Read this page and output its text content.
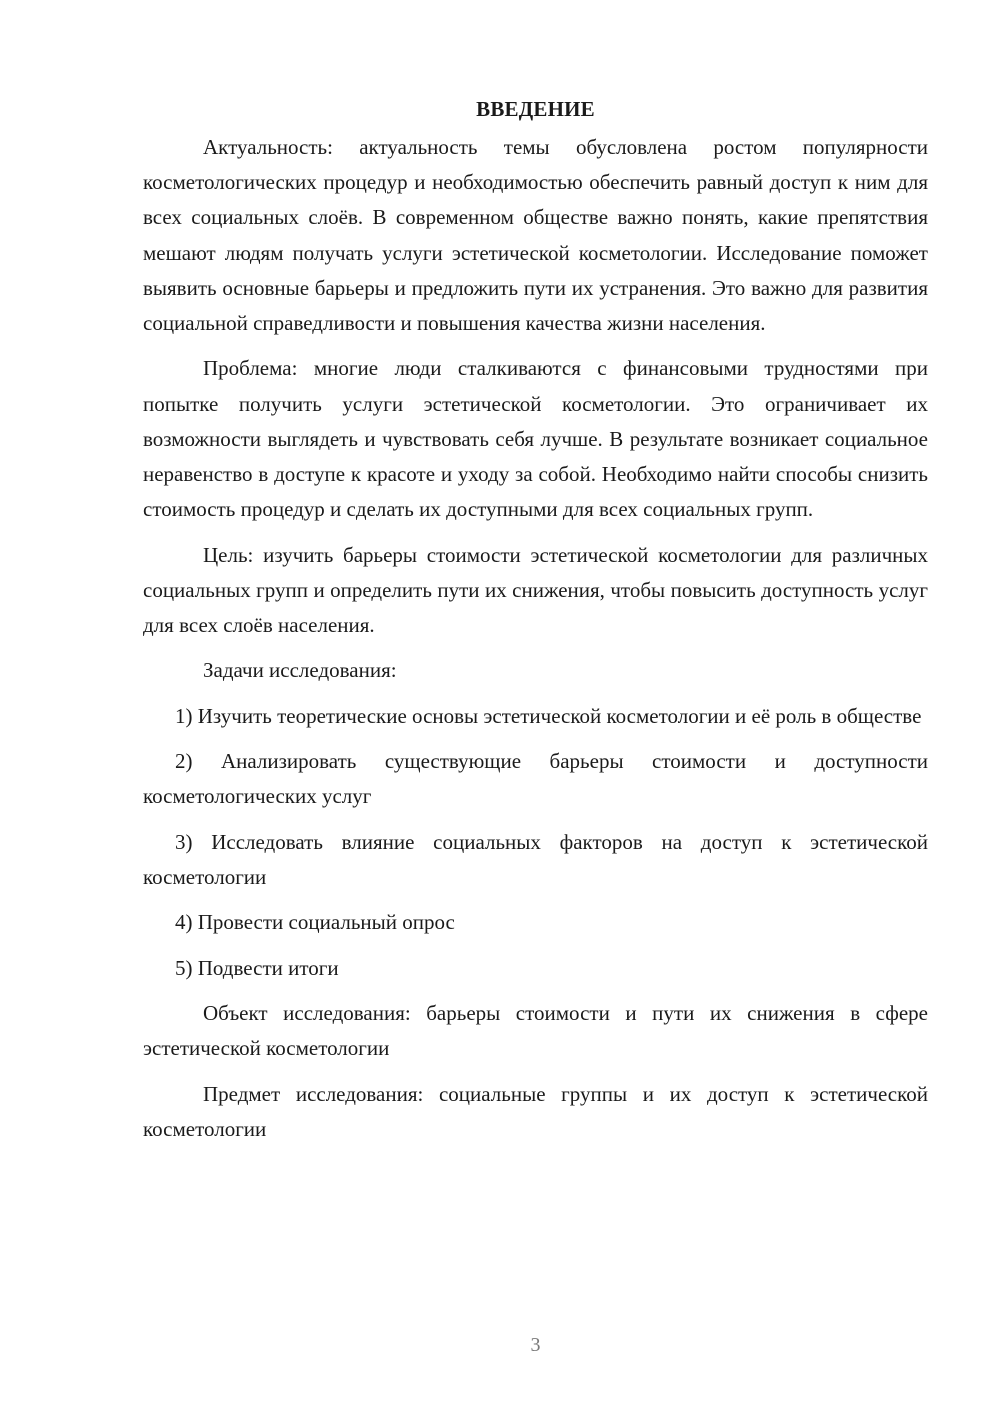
ВВЕДЕНИЕ

Актуальность: актуальность темы обусловлена ростом популярности косметологических процедур и необходимостью обеспечить равный доступ к ним для всех социальных слоёв. В современном обществе важно понять, какие препятствия мешают людям получать услуги эстетической косметологии. Исследование поможет выявить основные барьеры и предложить пути их устранения. Это важно для развития социальной справедливости и повышения качества жизни населения.

Проблема: многие люди сталкиваются с финансовыми трудностями при попытке получить услуги эстетической косметологии. Это ограничивает их возможности выглядеть и чувствовать себя лучше. В результате возникает социальное неравенство в доступе к красоте и уходу за собой. Необходимо найти способы снизить стоимость процедур и сделать их доступными для всех социальных групп.

Цель: изучить барьеры стоимости эстетической косметологии для различных социальных групп и определить пути их снижения, чтобы повысить доступность услуг для всех слоёв населения.

Задачи исследования:

1) Изучить теоретические основы эстетической косметологии и её роль в обществе

2) Анализировать существующие барьеры стоимости и доступности косметологических услуг

3) Исследовать влияние социальных факторов на доступ к эстетической косметологии

4) Провести социальный опрос

5) Подвести итоги

Объект исследования: барьеры стоимости и пути их снижения в сфере эстетической косметологии

Предмет исследования: социальные группы и их доступ к эстетической косметологии

3
